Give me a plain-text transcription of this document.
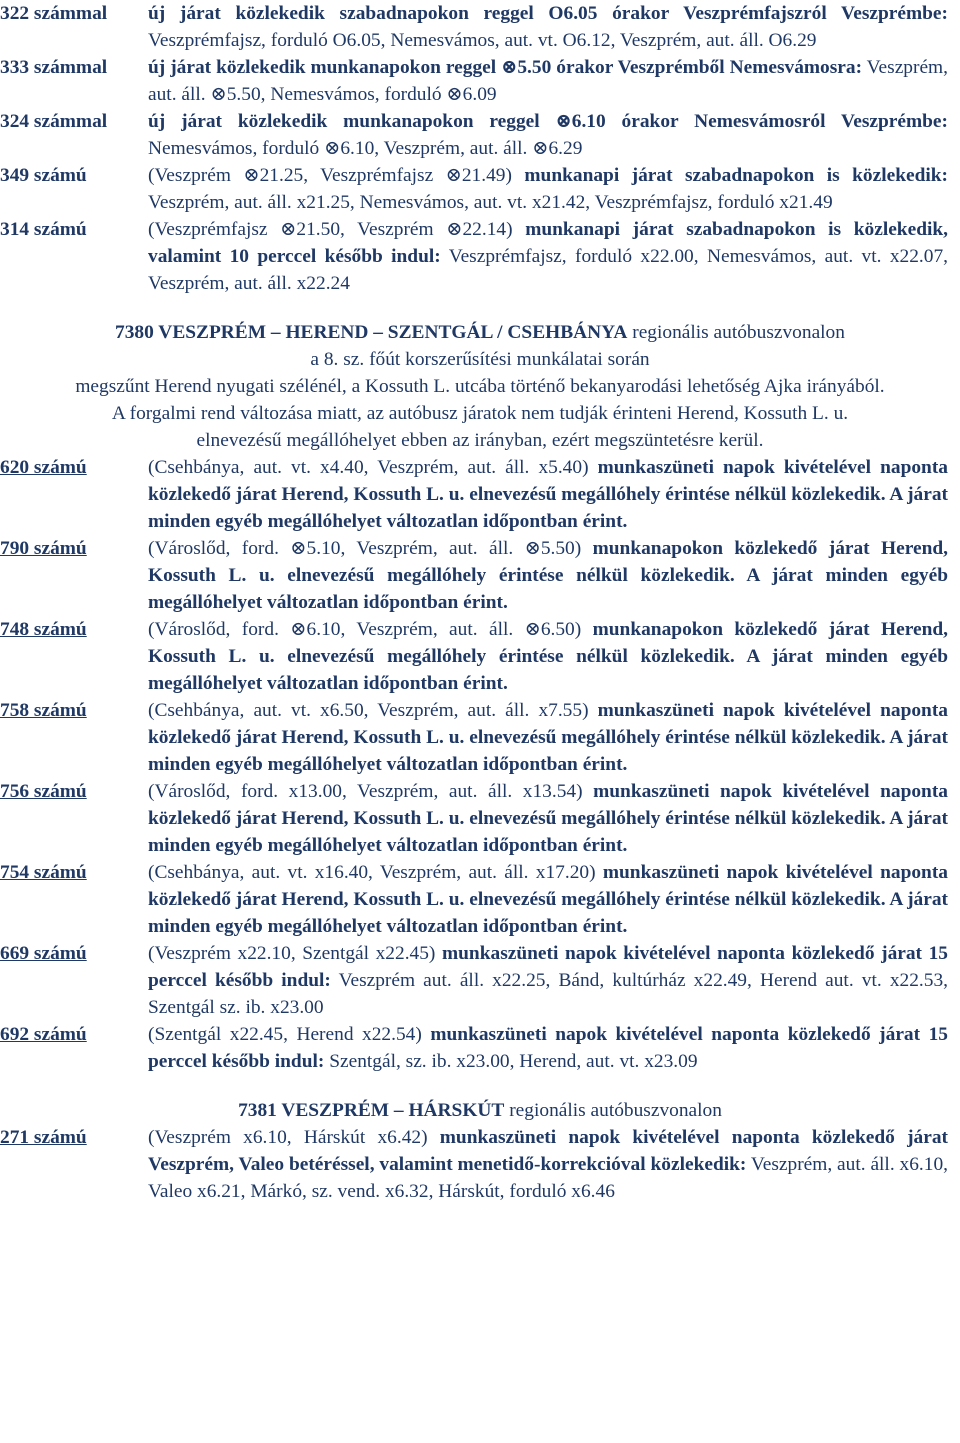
322 számmal	új járat közlekedik szabadnapokon reggel O6.05 órakor Veszprémfajszról Veszprémbe: Veszprémfajsz, forduló O6.05, Nemesvámos, aut. vt. O6.12, Veszprém, aut. áll. O6.29
333 számmal	új járat közlekedik munkanapokon reggel ⊗5.50 órakor Veszprémből Nemesvámosra: Veszprém, aut. áll. ⊗5.50, Nemesvámos, forduló ⊗6.09
324 számmal	új járat közlekedik munkanapokon reggel ⊗6.10 órakor Nemesvámosról Veszprémbe: Nemesvámos, forduló ⊗6.10, Veszprém, aut. áll. ⊗6.29
349 számú	(Veszprém ⊗21.25, Veszprémfajsz ⊗21.49) munkanapi járat szabadnapokon is közlekedik: Veszprém, aut. áll. x21.25, Nemesvámos, aut. vt. x21.42, Veszprémfajsz, forduló x21.49
314 számú	(Veszprémfajsz ⊗21.50, Veszprém ⊗22.14) munkanapi járat szabadnapokon is közlekedik, valamint 10 perccel később indul: Veszprémfajsz, forduló x22.00, Nemesvámos, aut. vt. x22.07, Veszprém, aut. áll. x22.24
7380 VESZPRÉM – HEREND – SZENTGÁL / CSEHBÁNYA regionális autóbuszvonalon
a 8. sz. főút korszerűsítési munkálatai során
megszűnt Herend nyugati szélénél, a Kossuth L. utcába történő bekanyarodási lehetőség Ajka irányából.
A forgalmi rend változása miatt, az autóbusz járatok nem tudják érinteni Herend, Kossuth L. u.
elnevezésű megállóhelyet ebben az irányban, ezért megszüntetésre kerül.
620 számú	(Csehbánya, aut. vt. x4.40, Veszprém, aut. áll. x5.40) munkaszüneti napok kivételével naponta közlekedő járat Herend, Kossuth L. u. elnevezésű megállóhely érintése nélkül közlekedik. A járat minden egyéb megállóhelyet változatlan időpontban érint.
790 számú	(Városlőd, ford. ⊗5.10, Veszprém, aut. áll. ⊗5.50) munkanapokon közlekedő járat Herend, Kossuth L. u. elnevezésű megállóhely érintése nélkül közlekedik. A járat minden egyéb megállóhelyet változatlan időpontban érint.
748 számú	(Városlőd, ford. ⊗6.10, Veszprém, aut. áll. ⊗6.50) munkanapokon közlekedő járat Herend, Kossuth L. u. elnevezésű megállóhely érintése nélkül közlekedik. A járat minden egyéb megállóhelyet változatlan időpontban érint.
758 számú	(Csehbánya, aut. vt. x6.50, Veszprém, aut. áll. x7.55) munkaszüneti napok kivételével naponta közlekedő járat Herend, Kossuth L. u. elnevezésű megállóhely érintése nélkül közlekedik. A járat minden egyéb megállóhelyet változatlan időpontban érint.
756 számú	(Városlőd, ford. x13.00, Veszprém, aut. áll. x13.54) munkaszüneti napok kivételével naponta közlekedő járat Herend, Kossuth L. u. elnevezésű megállóhely érintése nélkül közlekedik. A járat minden egyéb megállóhelyet változatlan időpontban érint.
754 számú	(Csehbánya, aut. vt. x16.40, Veszprém, aut. áll. x17.20) munkaszüneti napok kivételével naponta közlekedő járat Herend, Kossuth L. u. elnevezésű megállóhely érintése nélkül közlekedik. A járat minden egyéb megállóhelyet változatlan időpontban érint.
669 számú	(Veszprém x22.10, Szentgál x22.45) munkaszüneti napok kivételével naponta közlekedő járat 15 perccel később indul: Veszprém aut. áll. x22.25, Bánd, kultúrház x22.49, Herend aut. vt. x22.53, Szentgál sz. ib. x23.00
692 számú	(Szentgál x22.45, Herend x22.54) munkaszüneti napok kivételével naponta közlekedő járat 15 perccel később indul: Szentgál, sz. ib. x23.00, Herend, aut. vt. x23.09
7381 VESZPRÉM – HÁRSKÚT regionális autóbuszvonalon
271 számú	(Veszprém x6.10, Hárskút x6.42) munkaszüneti napok kivételével naponta közlekedő járat Veszprém, Valeo betéréssel, valamint menetidő-korrekcióval közlekedik: Veszprém, aut. áll. x6.10, Valeo x6.21, Márkó, sz. vend. x6.32, Hárskút, forduló x6.46
